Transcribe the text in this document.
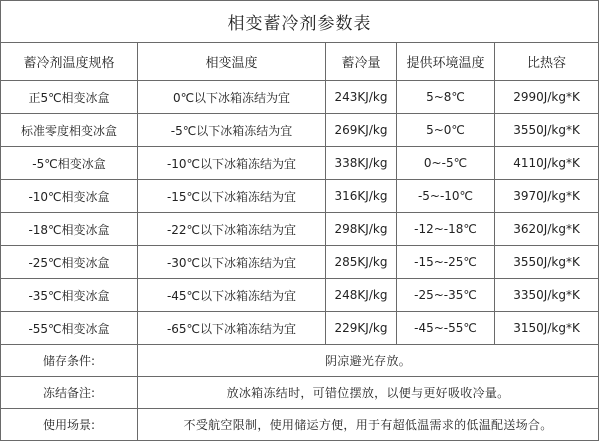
相变蓄冷剂参数表				
蓄冷剂温度规格	相变温度	蓄冷量	提供环境温度	比热容
正5℃相变冰盒	0℃以下冰箱冻结为宜	243KJ/kg	5~8℃	2990J/kg*K
标准零度相变冰盒	-5℃以下冰箱冻结为宜	269KJ/kg	5~0℃	3550J/kg*K
-5℃相变冰盒	-10℃以下冰箱冻结为宜	338KJ/kg	0~-5℃	4110J/kg*K
-10℃相变冰盒	-15℃以下冰箱冻结为宜	316KJ/kg	-5~-10℃	3970J/kg*K
-18℃相变冰盒	-22℃以下冰箱冻结为宜	298KJ/kg	-12~-18℃	3620J/kg*K
-25℃相变冰盒	-30℃以下冰箱冻结为宜	285KJ/kg	-15~-25℃	3550J/kg*K
-35℃相变冰盒	-45℃以下冰箱冻结为宜	248KJ/kg	-25~-35℃	3350J/kg*K
-55℃相变冰盒	-65℃以下冰箱冻结为宜	229KJ/kg	-45~-55℃	3150J/kg*K
储存条件:	阴凉避光存放。			
冻结备注:	放冰箱冻结时，可错位摆放，以便与更好吸收冷量。			
使用场景:	不受航空限制，使用储运方便，用于有超低温需求的低温配送场合。			
